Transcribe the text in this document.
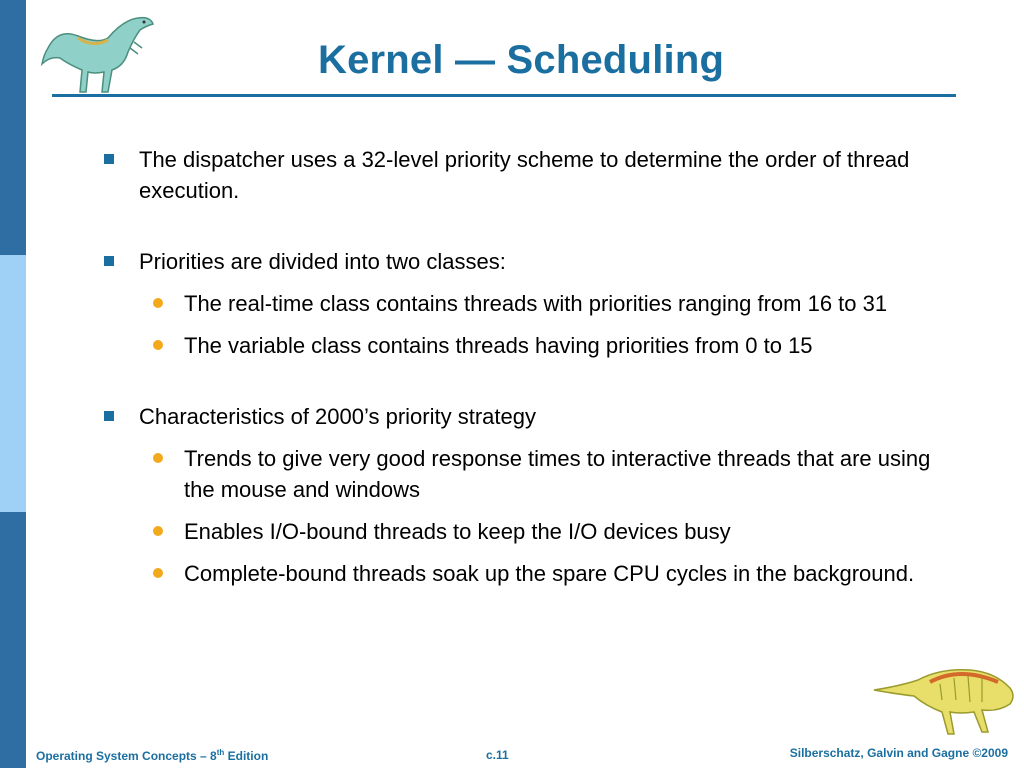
Kernel — Scheduling
The dispatcher uses a 32-level priority scheme to determine the order of thread execution.
Priorities are divided into two classes:
The real-time class contains threads with priorities ranging from 16 to 31
The variable class contains threads having priorities from 0 to 15
Characteristics of 2000’s priority strategy
Trends to give very good response times to interactive threads that are using the mouse and windows
Enables I/O-bound threads to keep the I/O devices busy
Complete-bound threads soak up the spare CPU cycles in the background.
Operating System Concepts – 8th Edition	c.11	Silberschatz, Galvin and Gagne ©2009
